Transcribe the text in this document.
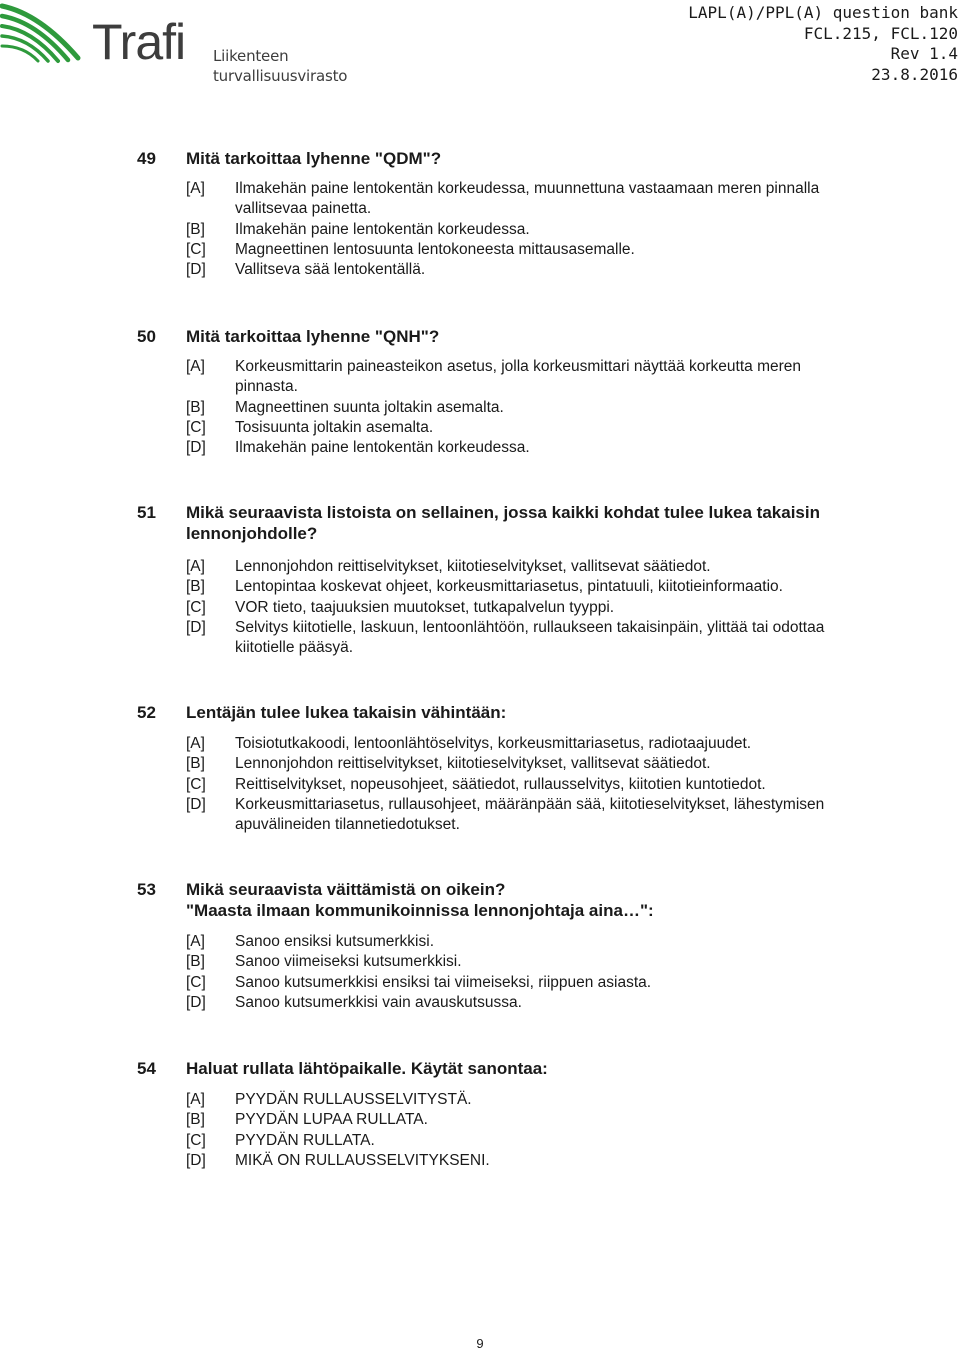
Trafi Liikenteen turvallisuusvirasto
LAPL(A)/PPL(A) question bank
FCL.215, FCL.120
Rev 1.4
23.8.2016
49 Mitä tarkoittaa lyhenne "QDM"?
[A] Ilmakehän paine lentokentän korkeudessa, muunnettuna vastaamaan meren pinnalla
vallitsevaa painetta.
[B] Ilmakehän paine lentokentän korkeudessa.
[C] Magneettinen lentosuunta lentokoneesta mittausasemalle.
[D] Vallitseva sää lentokentällä.
50 Mitä tarkoittaa lyhenne "QNH"?
[A] Korkeusmittarin paineasteikon asetus, jolla korkeusmittari näyttää korkeutta meren
pinnasta.
[B] Magneettinen suunta joltakin asemalta.
[C] Tosisuunta joltakin asemalta.
[D] Ilmakehän paine lentokentän korkeudessa.
51 Mikä seuraavista listoista on sellainen, jossa kaikki kohdat tulee lukea takaisin
lennonjohdolle?
[A] Lennonjohdon reittiselvitykset, kiitotieselvitykset, vallitsevat säätiedot.
[B] Lentopintaa koskevat ohjeet, korkeusmittariasetus, pintatuuli, kiitotieinformaatio.
[C] VOR tieto, taajuuksien muutokset, tutkapalvelun tyyppi.
[D] Selvitys kiitotielle, laskuun, lentoonlähtöön, rullaukseen takaisinpäin, ylittää tai odottaa
kiitotielle pääsyä.
52 Lentäjän tulee lukea takaisin vähintään:
[A] Toisiotutkakoodi, lentoonlähtöselvitys, korkeusmittariasetus, radiotaajuudet.
[B] Lennonjohdon reittiselvitykset, kiitotieselvitykset, vallitsevat säätiedot.
[C] Reittiselvitykset, nopeusohjeet, säätiedot, rullausselvitys, kiitotien kuntotiedot.
[D] Korkeusmittariasetus, rullausohjeet, määränpään sää, kiitotieselvitykset, lähestymisen
apuvälineiden tilannetiedotukset.
53 Mikä seuraavista väittämistä on oikein?
"Maasta ilmaan kommunikoinnissa lennonjohtaja aina…":
[A] Sanoo ensiksi kutsumerkkisi.
[B] Sanoo viimeiseksi kutsumerkkisi.
[C] Sanoo kutsumerkkisi ensiksi tai viimeiseksi, riippuen asiasta.
[D] Sanoo kutsumerkkisi vain avauskutsussa.
54 Haluat rullata lähtöpaikalle. Käytät sanontaa:
[A] PYYDÄN RULLAUSSELVITYSTÄ.
[B] PYYDÄN LUPAA RULLATA.
[C] PYYDÄN RULLATA.
[D] MIKÄ ON RULLAUSSELVITYKSENI.
9
